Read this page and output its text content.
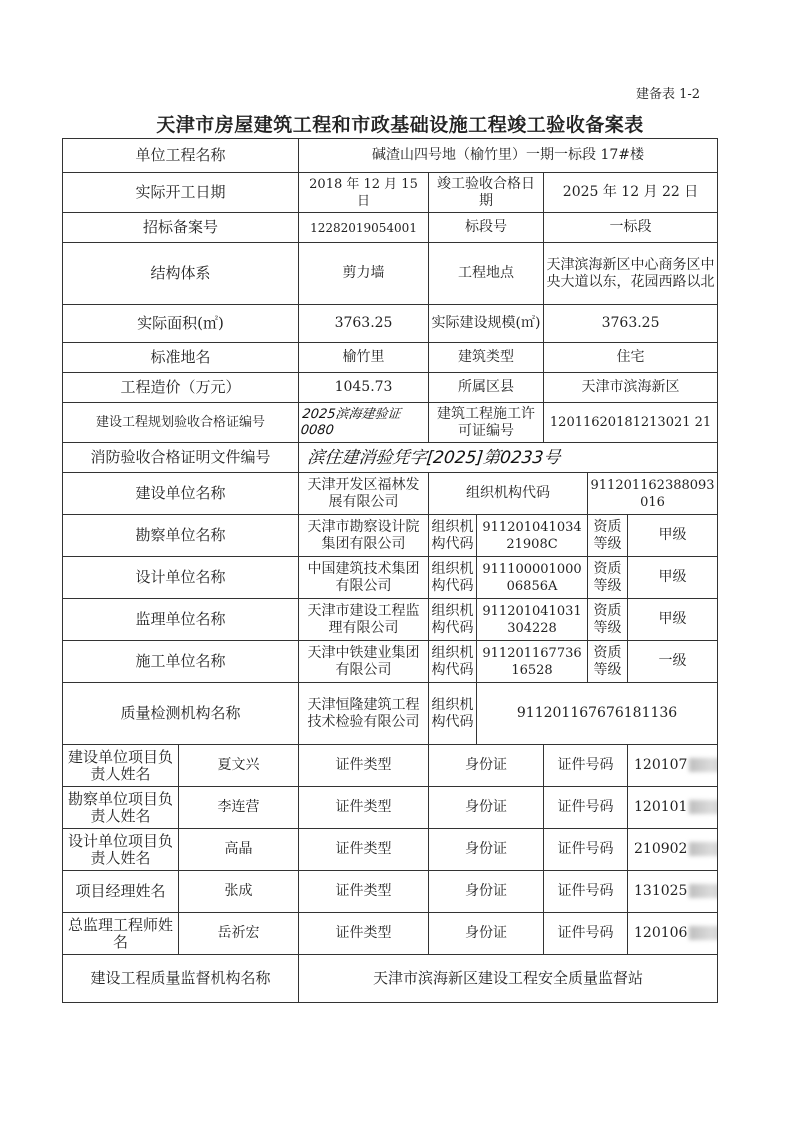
建备表 1-2
天津市房屋建筑工程和市政基础设施工程竣工验收备案表
单位工程名称		碱渣山四号地（榆竹里）一期一标段 17#楼					
实际开工日期		2018 年 12 月 15 日	竣工验收合格日期		2025 年 12 月 22 日		
招标备案号		12282019054001	标段号		一标段		
结构体系		剪力墙	工程地点		天津滨海新区中心商务区中央大道以东，花园西路以北		
实际面积(㎡)		3763.25	实际建设规模(㎡)		3763.25		
标准地名		榆竹里	建筑类型		住宅		
工程造价（万元）		1045.73	所属区县		天津市滨海新区		
建设工程规划验收合格证编号		2025滨海建验证0080	建筑工程施工许可证编号		12011620181213021 21		
消防验收合格证明文件编号		滨住建消验凭字[2025]第0233号					
建设单位名称		天津开发区福林发展有限公司	组织机构代码			911201162388093016	
勘察单位名称		天津市勘察设计院集团有限公司	组织机构代码	91120104103421908C		资质等级	甲级
设计单位名称		中国建筑技术集团有限公司	组织机构代码	91110000100006856A		资质等级	甲级
监理单位名称		天津市建设工程监理有限公司	组织机构代码	911201041031304228		资质等级	甲级
施工单位名称		天津中铁建业集团有限公司	组织机构代码	91120116773616528		资质等级	一级
质量检测机构名称		天津恒隆建筑工程技术检验有限公司	组织机构代码	911201167676181136			
建设单位项目负责人姓名	夏文兴	证件类型	身份证		证件号码		120107
勘察单位项目负责人姓名	李连营	证件类型	身份证		证件号码		120101
设计单位项目负责人姓名	高晶	证件类型	身份证		证件号码		210902
项目经理姓名	张成	证件类型	身份证		证件号码		131025
总监理工程师姓名	岳祈宏	证件类型	身份证		证件号码		120106
建设工程质量监督机构名称		天津市滨海新区建设工程安全质量监督站					
